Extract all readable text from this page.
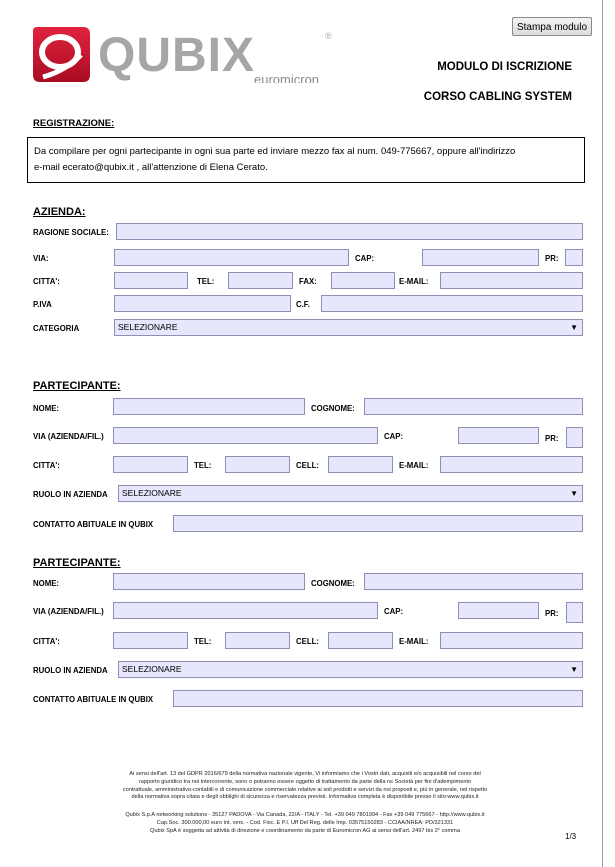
Stampa modulo
QUBIX	®
euromicron
MODULO DI ISCRIZIONE
CORSO CABLING SYSTEM
REGISTRAZIONE:
Da compilare per ogni partecipante in ogni sua parte ed inviare mezzo fax al num. 049-775667, oppure all'indirizzo
e-mail ecerato@qubix.it , all'attenzione di Elena Cerato.
AZIENDA:
RAGIONE SOCIALE:
VIA:	CAP:	PR:
CITTA':	TEL:	FAX:	E-MAIL:
P.IVA	C.F.
CATEGORIA	SELEZIONARE	▼
PARTECIPANTE:
NOME:	COGNOME:
VIA (AZIENDA/FIL.)	CAP:	PR:
CITTA':	TEL:	CELL:	E-MAIL:
RUOLO IN AZIENDA	SELEZIONARE	▼
CONTATTO ABITUALE IN QUBIX
PARTECIPANTE:
NOME:	COGNOME:
VIA (AZIENDA/FIL.)	CAP:	PR:
CITTA':	TEL:	CELL:	E-MAIL:
RUOLO IN AZIENDA	SELEZIONARE	▼
CONTATTO ABITUALE IN QUBIX
Ai sensi dell'art. 13 del GDPR 2016/679 della normativa nazionale vigente, Vi informiamo che i Vostri dati, acquisiti e/o acquisibili nel corso del
rapporto giuridico tra noi intercorrente, sono o potranno essere oggetto di trattamento da parte della ns Società per fini d'adempimento
contrattuale, amministrativo-contabili e di comunicazione commerciale relative ai soli prodotti e servizi da noi proposti e, più in generale, nel rispetto
della normativa sopra citata e degli obblighi di sicurezza e riservatezza previsti. Informativa completa è disponibile presso il sito:www.qubix.it
Qubix S.p.A networking solutions - 35127 PADOVA - Via Canada, 22/A - ITALY - Tel. +39 049 7801994 - Fax +39 049 775667 - http://www.qubix.it
Cap.Soc. 300.000,00 euro int. vers. - Cod. Fisc. E P.I. Uff Del Reg. delle Imp. 03575150283 - CCIAA/NREA: PD/321331
Qubix SpA è soggetta ad attività di direzione e coordinamento da parte di Euromicron AG ai sensi dell'art. 2497 bis 2° comma
1/3
